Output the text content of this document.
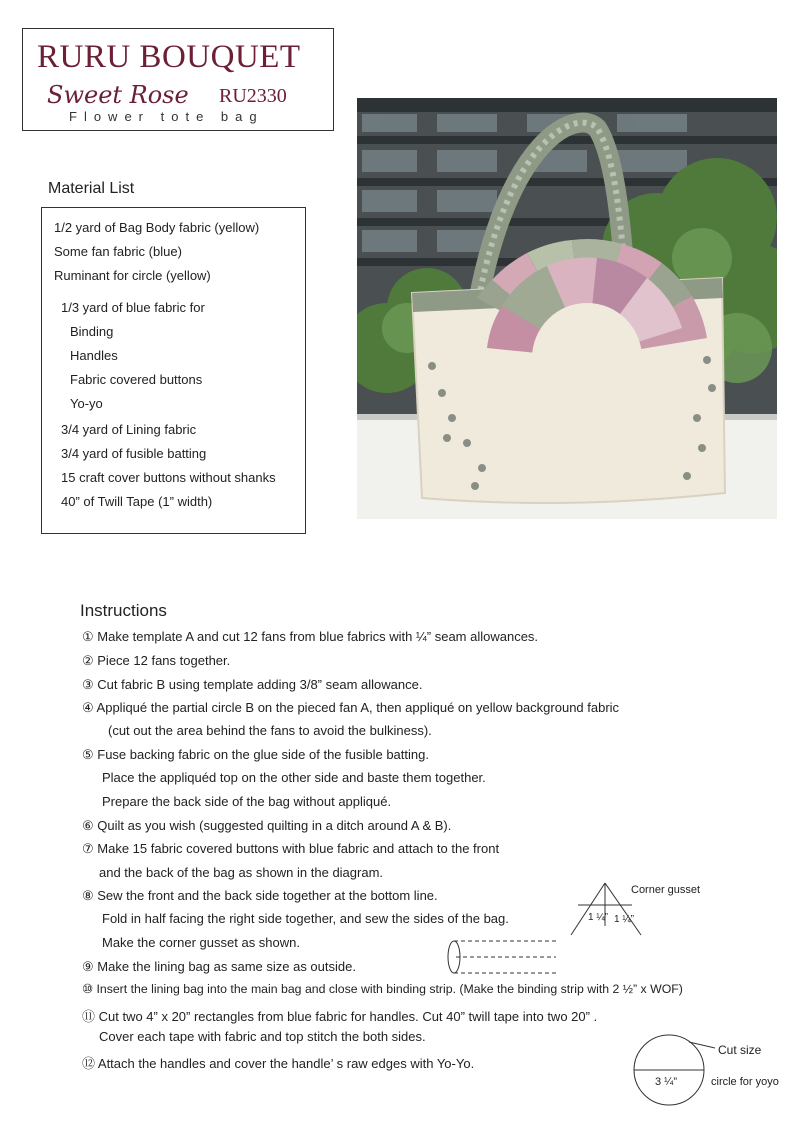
RURU BOUQUET
Sweet Rose RU2330
Flower tote bag
Material List
1/2 yard of Bag Body fabric (yellow)
Some fan fabric (blue)
Ruminant for circle (yellow)
1/3 yard of blue fabric for
Binding
Handles
Fabric covered buttons
Yo-yo
3/4 yard of Lining fabric
3/4 yard of fusible batting
15 craft cover buttons without shanks
40” of Twill Tape (1” width)
Instructions
① Make template A and cut 12 fans from blue fabrics with ¼” seam allowances.
② Piece 12 fans together.
③ Cut fabric B using template adding 3/8” seam allowance.
④ Appliqué the partial circle B on the pieced fan A, then appliqué on yellow background fabric
(cut out the area behind the fans to avoid the bulkiness).
⑤ Fuse backing fabric on the glue side of the fusible batting.
Place the appliquéd top on the other side and baste them together.
Prepare the back side of the bag without appliqué.
⑥ Quilt as you wish (suggested quilting in a ditch around A & B).
⑦ Make 15 fabric covered buttons with blue fabric and attach to the front
and the back of the bag as shown in the diagram.
⑧ Sew the front and the back side together at the bottom line.
Fold in half facing the right side together, and sew the sides of the bag.
Make the corner gusset as shown.
⑨ Make the lining bag as same size as outside.
⑩ Insert the lining bag into the main bag and close with binding strip. (Make the binding strip with 2 ½” x WOF)
⑪ Cut two 4” x 20” rectangles from blue fabric for handles. Cut 40” twill tape into two 20” .
Cover each tape with fabric and top stitch the both sides.
⑫ Attach the handles and cover the handle’ s raw edges with Yo-Yo.
Corner gusset
1 ¼” 1 ¼”
Cut size
3 ¼”	circle for yoyo
